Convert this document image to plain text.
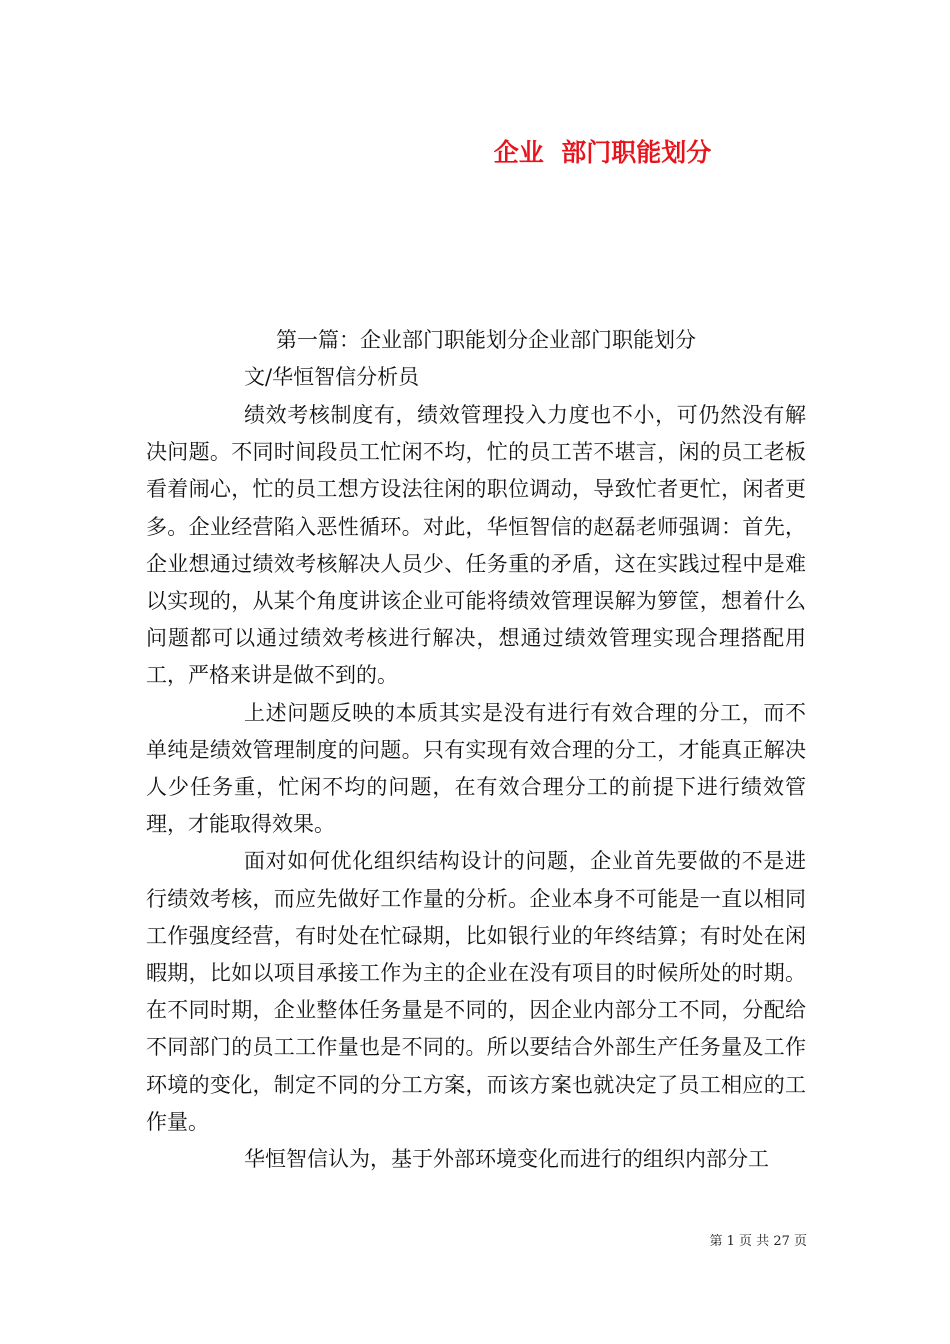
企业  部门职能划分
第一篇：企业部门职能划分企业部门职能划分
文/华恒智信分析员

绩效考核制度有，绩效管理投入力度也不小，可仍然没有解决问题。不同时间段员工忙闲不均，忙的员工苦不堪言，闲的员工老板看着闹心，忙的员工想方设法往闲的职位调动，导致忙者更忙，闲者更多。企业经营陷入恶性循环。对此，华恒智信的赵磊老师强调：首先，企业想通过绩效考核解决人员少、任务重的矛盾，这在实践过程中是难以实现的，从某个角度讲该企业可能将绩效管理误解为箩筐，想着什么问题都可以通过绩效考核进行解决，想通过绩效管理实现合理搭配用工，严格来讲是做不到的。

上述问题反映的本质其实是没有进行有效合理的分工，而不单纯是绩效管理制度的问题。只有实现有效合理的分工，才能真正解决人少任务重，忙闲不均的问题，在有效合理分工的前提下进行绩效管理，才能取得效果。

面对如何优化组织结构设计的问题，企业首先要做的不是进行绩效考核，而应先做好工作量的分析。企业本身不可能是一直以相同工作强度经营，有时处在忙碌期，比如银行业的年终结算；有时处在闲暇期，比如以项目承接工作为主的企业在没有项目的时候所处的时期。在不同时期，企业整体任务量是不同的，因企业内部分工不同，分配给不同部门的员工工作量也是不同的。所以要结合外部生产任务量及工作环境的变化，制定不同的分工方案，而该方案也就决定了员工相应的工作量。

华恒智信认为，基于外部环境变化而进行的组织内部分工

第 1 页 共 27 页
